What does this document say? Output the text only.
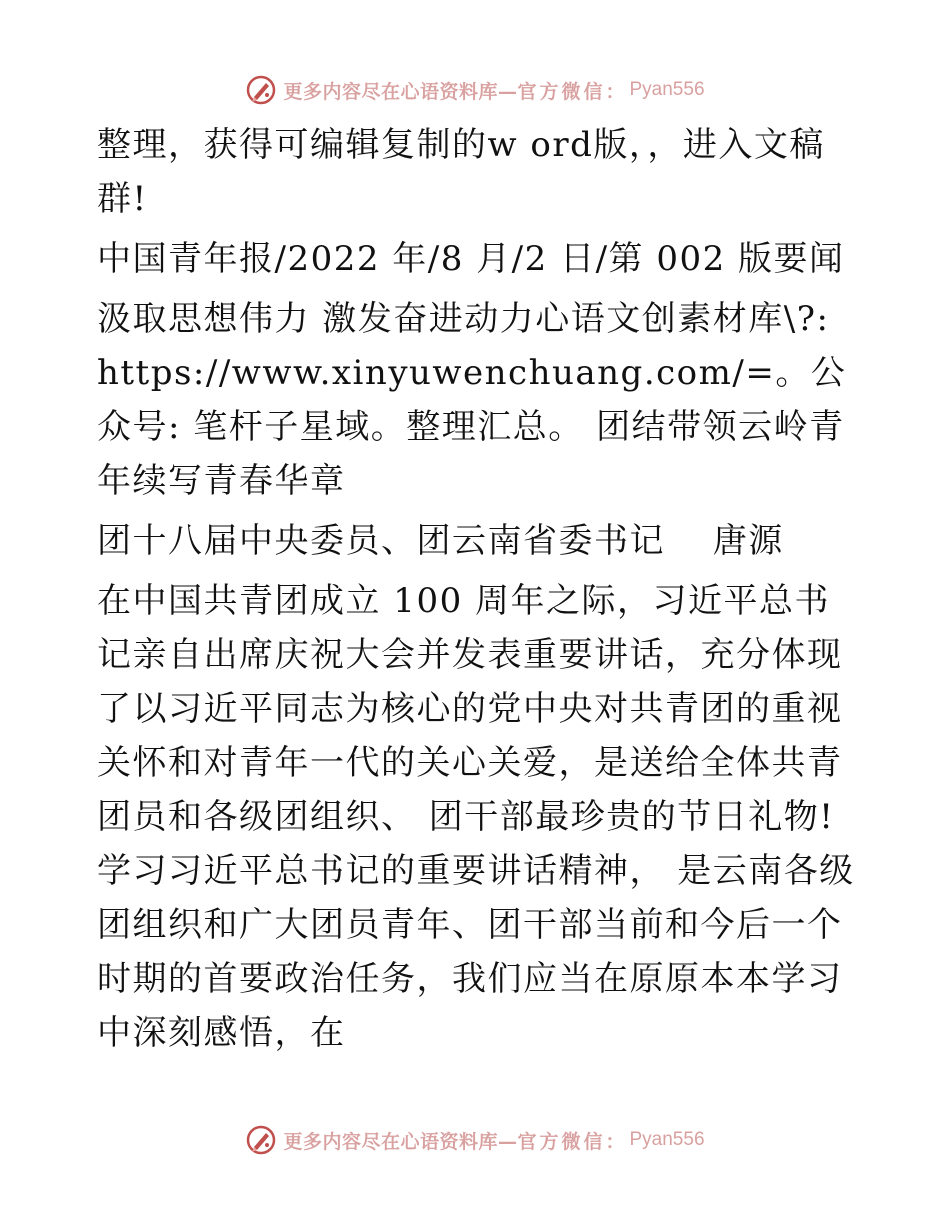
更多内容尽在心语资料库— 官方微信： Pyan556

整理，获得可编辑复制的w ord版，，进入文稿群!

中国青年报/2022 年/8 月/2 日/第 002 版要闻

汲取思想伟力 激发奋进动力心语文创素材库\?: https://www.xinyuwenchuang.com/=。公众号: 笔杆子星域。整理汇总。 团结带领云岭青年续写青春华章

团十八届中央委员、团云南省委书记　 唐源

在中国共青团成立 100 周年之际，习近平总书记亲自出席庆祝大会并发表重要讲话，充分体现了以习近平同志为核心的党中央对共青团的重视关怀和对青年一代的关心关爱，是送给全体共青团员和各级团组织、 团干部最珍贵的节日礼物!学习习近平总书记的重要讲话精神， 是云南各级团组织和广大团员青年、团干部当前和今后一个时期的首要政治任务，我们应当在原原本本学习中深刻感悟，在

更多内容尽在心语资料库— 官方微信： Pyan556
